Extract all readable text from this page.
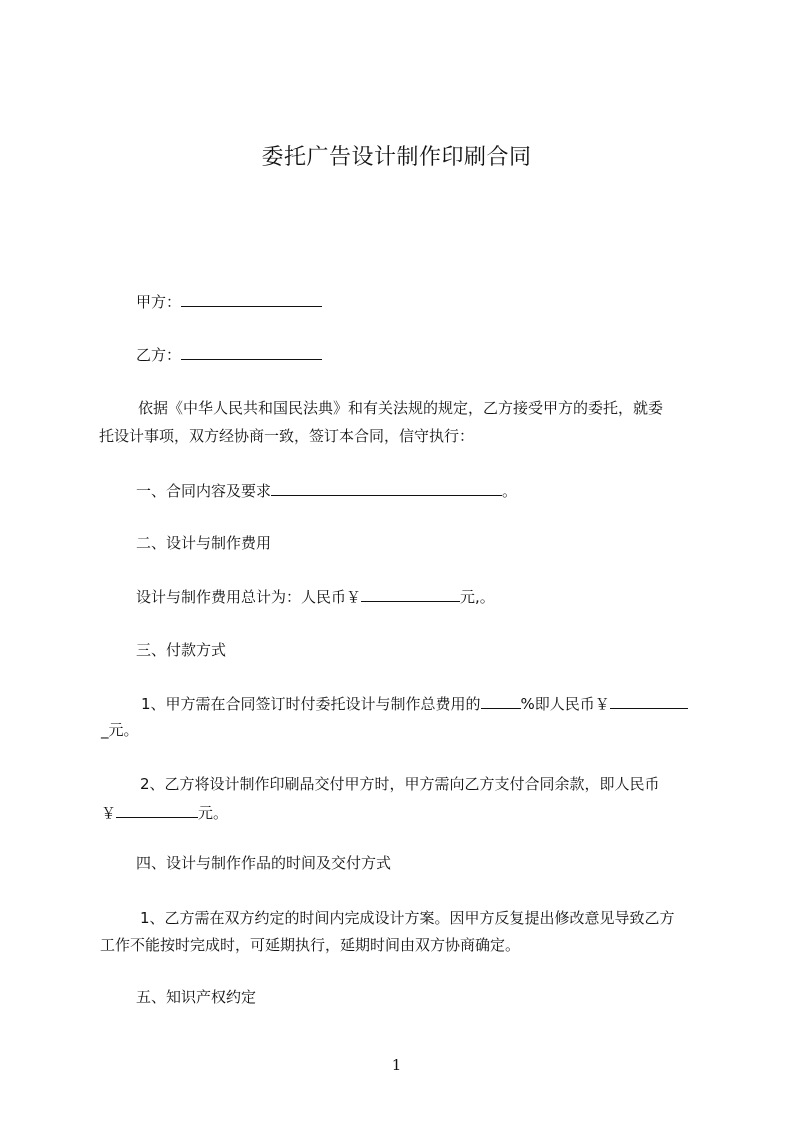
委托广告设计制作印刷合同
甲方：
乙方：
依据《中华人民共和国民法典》和有关法规的规定，乙方接受甲方的委托，就委
托设计事项，双方经协商一致，签订本合同，信守执行：
一、合同内容及要求	。
二、设计与制作费用
设计与制作费用总计为：人民币￥	元,。
三、付款方式
1、甲方需在合同签订时付委托设计与制作总费用的	%即人民币￥
_元。
2、乙方将设计制作印刷品交付甲方时，甲方需向乙方支付合同余款，即人民币
￥	元。
四、设计与制作作品的时间及交付方式
1、乙方需在双方约定的时间内完成设计方案。因甲方反复提出修改意见导致乙方
工作不能按时完成时，可延期执行，延期时间由双方协商确定。
五、知识产权约定
1
